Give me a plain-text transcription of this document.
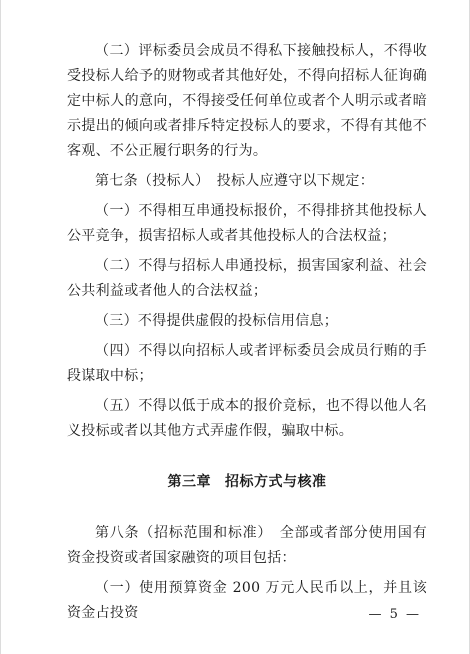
（二）评标委员会成员不得私下接触投标人，不得收受投标人给予的财物或者其他好处，不得向招标人征询确定中标人的意向，不得接受任何单位或者个人明示或者暗示提出的倾向或者排斥特定投标人的要求，不得有其他不客观、不公正履行职务的行为。

第七条（投标人）　投标人应遵守以下规定：

（一）不得相互串通投标报价，不得排挤其他投标人公平竞争，损害招标人或者其他投标人的合法权益；

（二）不得与招标人串通投标，损害国家利益、社会公共利益或者他人的合法权益；

（三）不得提供虚假的投标信用信息；

（四）不得以向招标人或者评标委员会成员行贿的手段谋取中标；

（五）不得以低于成本的报价竞标，也不得以他人名义投标或者以其他方式弄虚作假，骗取中标。

第三章 招标方式与核准

第八条（招标范围和标准）　全部或者部分使用国有资金投资或者国家融资的项目包括：

（一）使用预算资金 200 万元人民币以上，并且该资金占投资	— 5 —
